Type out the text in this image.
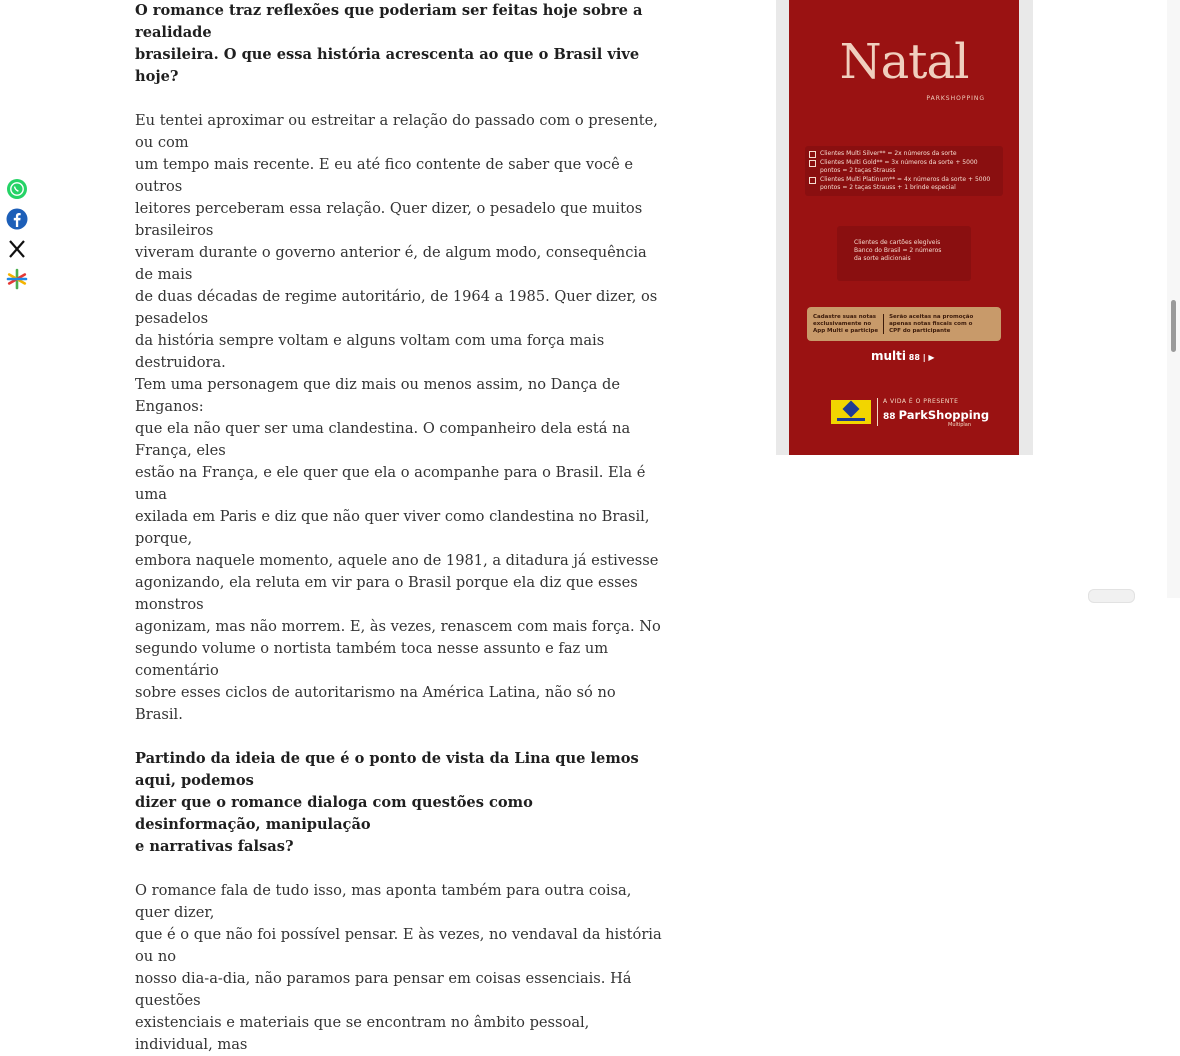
O romance traz reflexões que poderiam ser feitas hoje sobre a realidade
brasileira. O que essa história acrescenta ao que o Brasil vive hoje?

Eu tentei aproximar ou estreitar a relação do passado com o presente, ou com
um tempo mais recente. E eu até fico contente de saber que você e outros
leitores perceberam essa relação. Quer dizer, o pesadelo que muitos brasileiros
viveram durante o governo anterior é, de algum modo, consequência de mais
de duas décadas de regime autoritário, de 1964 a 1985. Quer dizer, os pesadelos
da história sempre voltam e alguns voltam com uma força mais destruidora.
Tem uma personagem que diz mais ou menos assim, no Dança de Enganos:
que ela não quer ser uma clandestina. O companheiro dela está na França, eles
estão na França, e ele quer que ela o acompanhe para o Brasil. Ela é uma
exilada em Paris e diz que não quer viver como clandestina no Brasil, porque,
embora naquele momento, aquele ano de 1981, a ditadura já estivesse
agonizando, ela reluta em vir para o Brasil porque ela diz que esses monstros
agonizam, mas não morrem. E, às vezes, renascem com mais força. No
segundo volume o nortista também toca nesse assunto e faz um comentário
sobre esses ciclos de autoritarismo na América Latina, não só no Brasil.

Partindo da ideia de que é o ponto de vista da Lina que lemos aqui, podemos
dizer que o romance dialoga com questões como desinformação, manipulação
e narrativas falsas?

O romance fala de tudo isso, mas aponta também para outra coisa, quer dizer,
que é o que não foi possível pensar. E às vezes, no vendaval da história ou no
nosso dia-a-dia, não paramos para pensar em coisas essenciais. Há questões
existenciais e materiais que se encontram no âmbito pessoal, individual, mas

Natal
PARKSHOPPING
Clientes Multi Silver** = 2x números da sorte
Clientes Multi Gold** = 3x números da sorte + 5000 pontos = 2 taças Strauss
Clientes Multi Platinum** = 4x números da sorte + 5000 pontos = 2 taças Strauss + 1 brinde especial
Clientes de cartões elegíveis
Banco do Brasil = 2 números
da sorte adicionais
Cadastre suas notas
exclusivamente no
App Multi e participe
Serão aceitas na promoção
apenas notas fiscais com o
CPF do participante
multi 88 | ▶
A VIDA É O PRESENTE
88 ParkShopping
Multiplan
